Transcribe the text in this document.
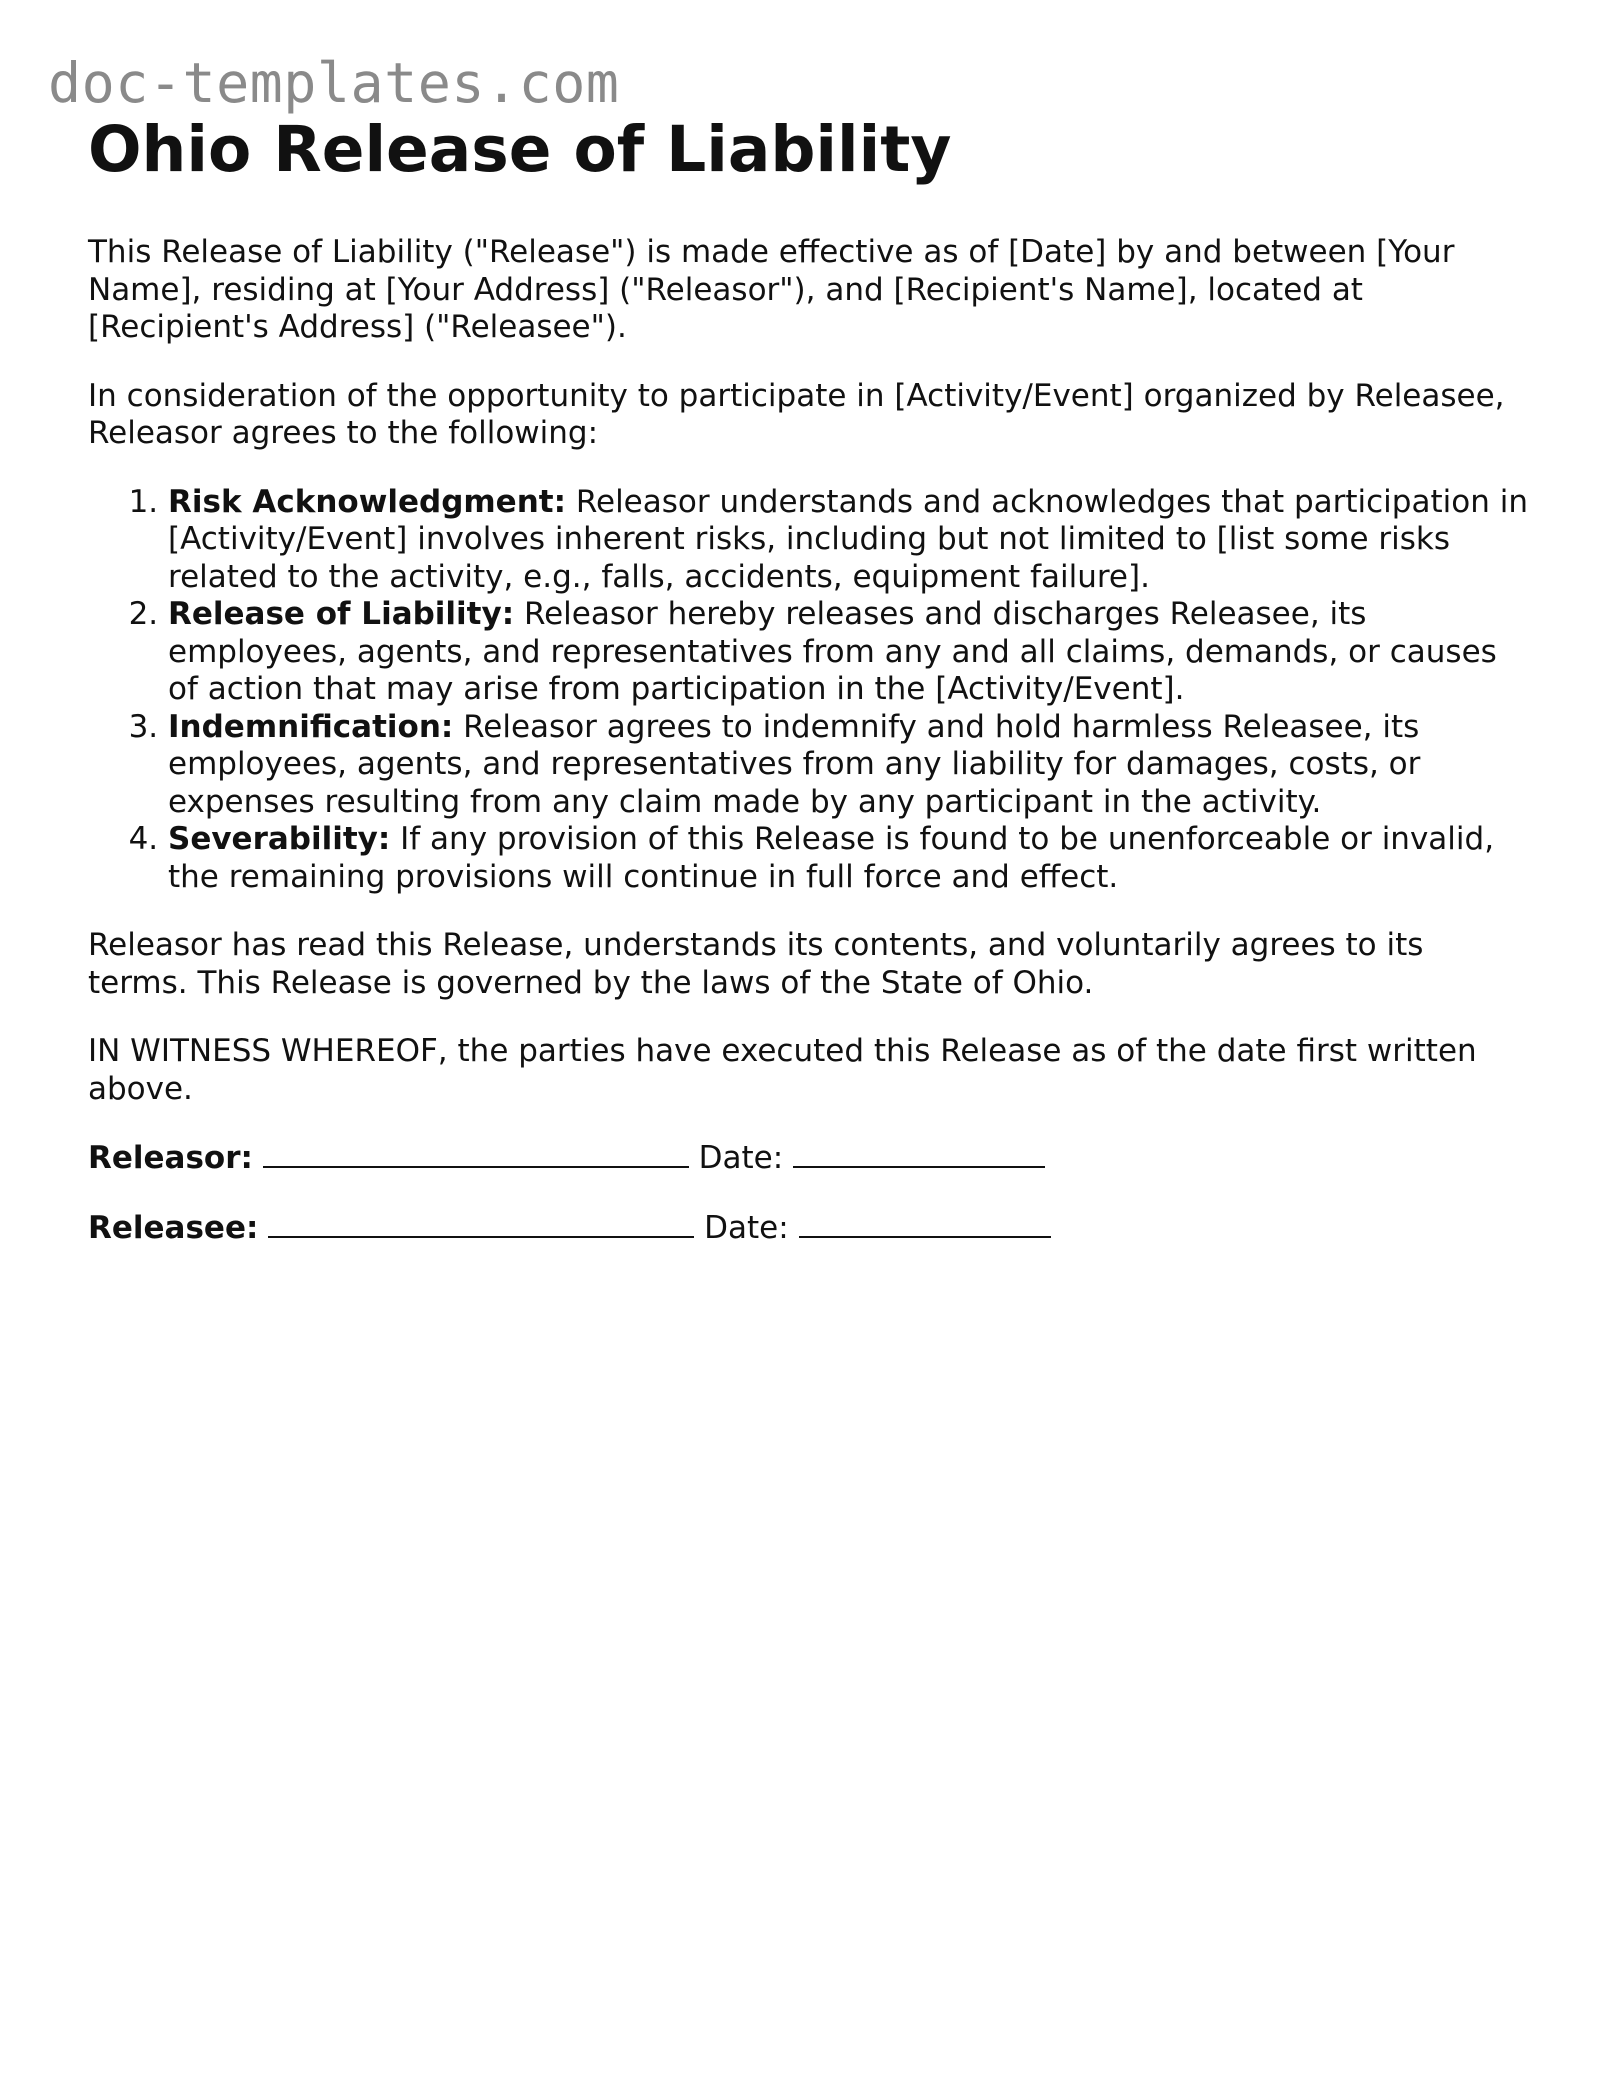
doc-templates.com
Ohio Release of Liability

This Release of Liability ("Release") is made effective as of [Date] by and between [Your Name], residing at [Your Address] ("Releasor"), and [Recipient's Name], located at [Recipient's Address] ("Releasee").

In consideration of the opportunity to participate in [Activity/Event] organized by Releasee, Releasor agrees to the following:

1. Risk Acknowledgment: Releasor understands and acknowledges that participation in [Activity/Event] involves inherent risks, including but not limited to [list some risks related to the activity, e.g., falls, accidents, equipment failure].
2. Release of Liability: Releasor hereby releases and discharges Releasee, its employees, agents, and representatives from any and all claims, demands, or causes of action that may arise from participation in the [Activity/Event].
3. Indemnification: Releasor agrees to indemnify and hold harmless Releasee, its employees, agents, and representatives from any liability for damages, costs, or expenses resulting from any claim made by any participant in the activity.
4. Severability: If any provision of this Release is found to be unenforceable or invalid, the remaining provisions will continue in full force and effect.

Releasor has read this Release, understands its contents, and voluntarily agrees to its terms. This Release is governed by the laws of the State of Ohio.

IN WITNESS WHEREOF, the parties have executed this Release as of the date first written above.

Releasor:	Date:
Releasee:	Date:
